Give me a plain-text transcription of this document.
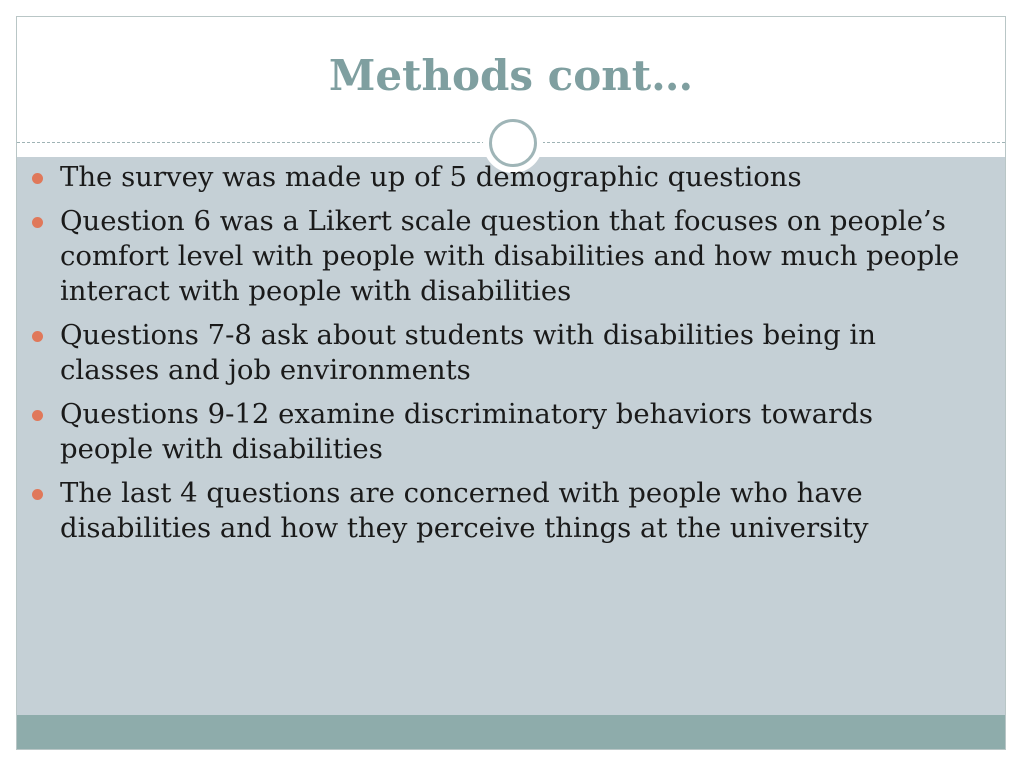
Methods cont…
The survey was made up of 5 demographic questions
Question 6 was a Likert scale question that focuses on people’s comfort level with people with disabilities and how much people interact with people with disabilities
Questions 7-8 ask about students with disabilities being in classes and job environments
Questions 9-12 examine discriminatory behaviors towards people with disabilities
The last 4 questions are concerned with people who have disabilities and how they perceive things at the university
